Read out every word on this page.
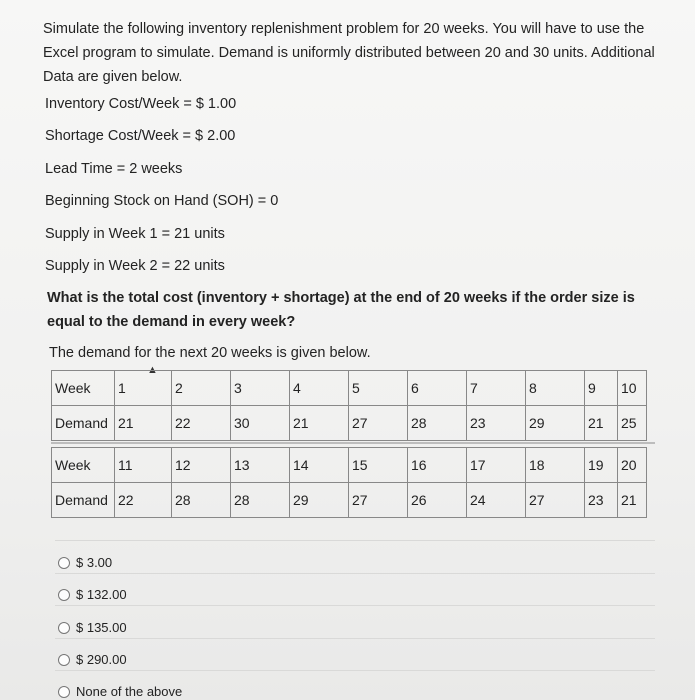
Simulate the following inventory replenishment problem for 20 weeks. You will have to use the Excel program to simulate. Demand is uniformly distributed between 20 and 30 units. Additional Data are given below.

Inventory Cost/Week = $ 1.00
Shortage Cost/Week = $ 2.00
Lead Time = 2 weeks
Beginning Stock on Hand (SOH) = 0
Supply in Week 1 = 21 units
Supply in Week 2 = 22 units

What is the total cost (inventory + shortage) at the end of 20 weeks if the order size is equal to the demand in every week?

The demand for the next 20 weeks is given below.
▲
Week	1	2	3	4	5	6	7	8	9	10
Demand	21	22	30	21	27	28	23	29	21	25
Week	11	12	13	14	15	16	17	18	19	20
Demand	22	28	28	29	27	26	24	27	23	21
$ 3.00
$ 132.00
$ 135.00
$ 290.00
None of the above
